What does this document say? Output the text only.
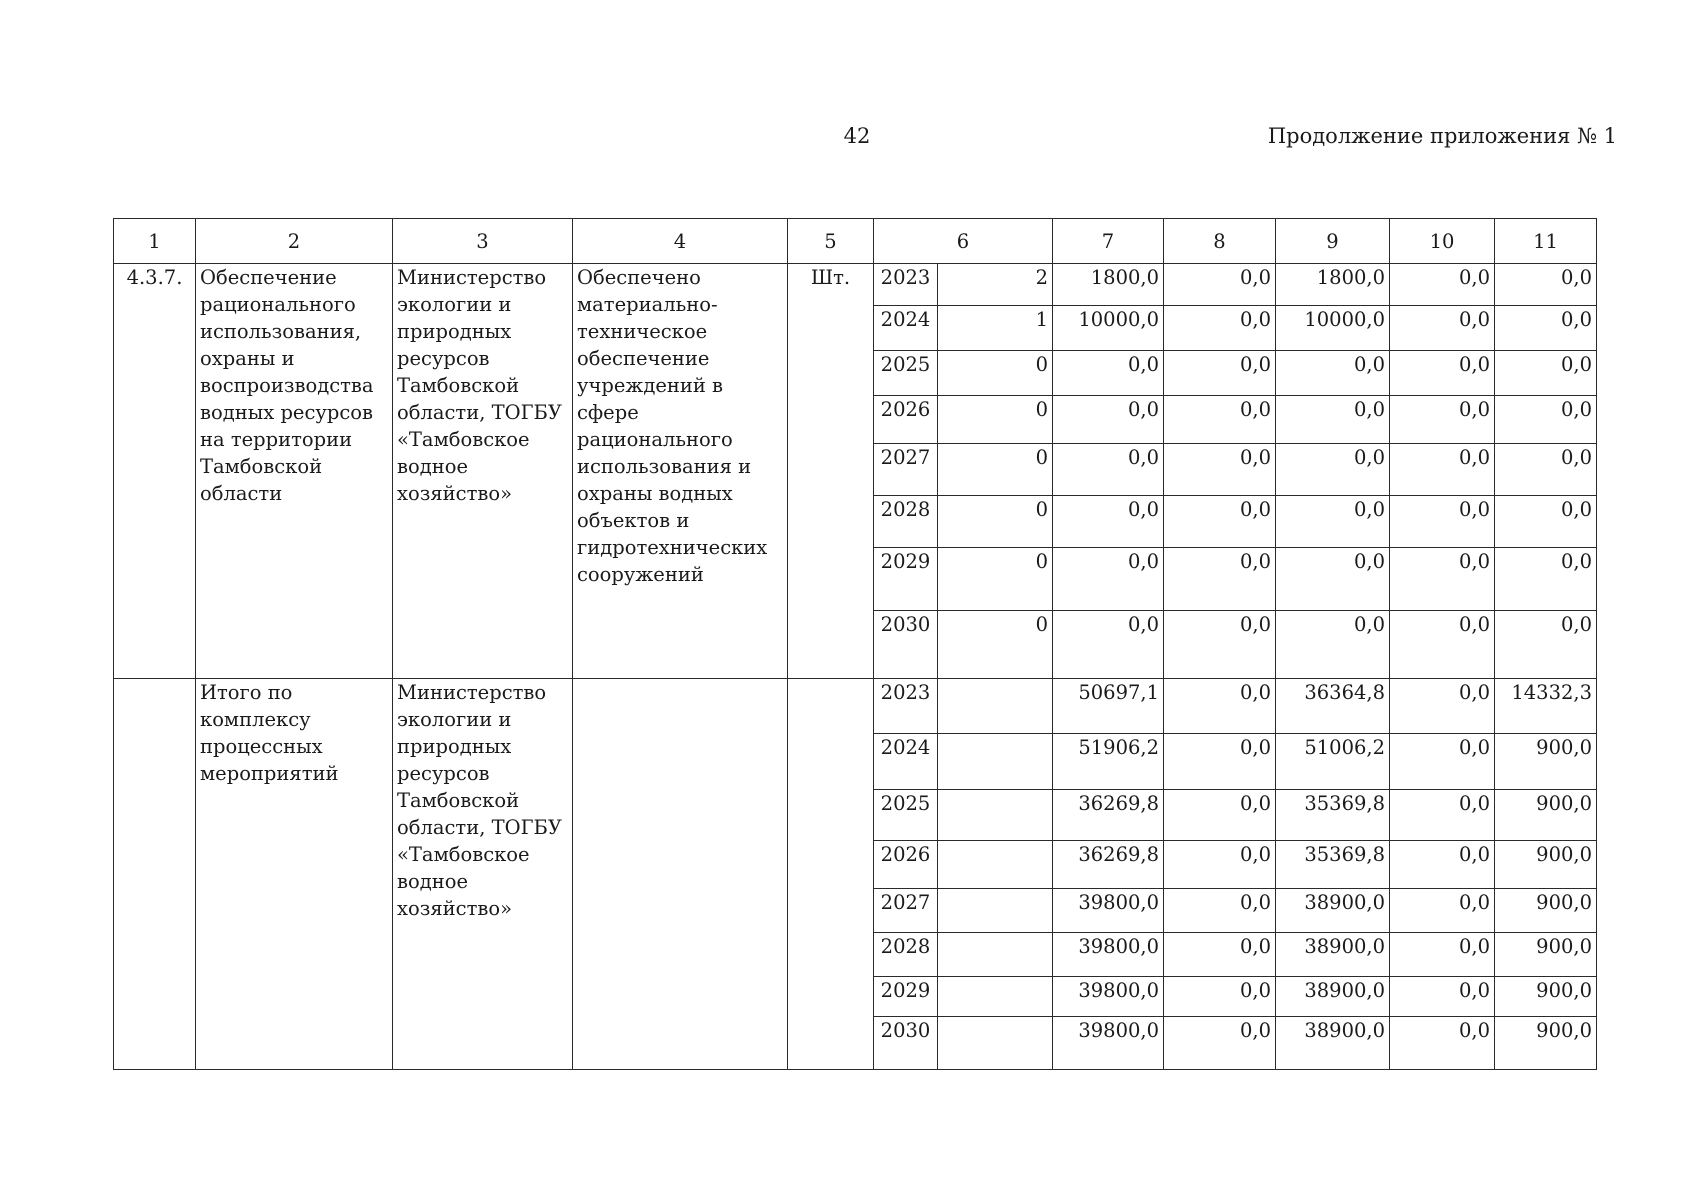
42	Продолжение приложения № 1
1	2	3	4	5	6		7	8	9	10	11
4.3.7.	Обеспечение рационального использования, охраны и воспроизводства водных ресурсов на территории Тамбовской области	Министерство экологии и природных ресурсов Тамбовской области, ТОГБУ «Тамбовское водное хозяйство»	Обеспечено материально-техническое обеспечение учреждений в сфере рационального использования и охраны водных объектов и гидротехнических сооружений	Шт.	2023	2	1800,0	0,0	1800,0	0,0	0,0
					2024	1	10000,0	0,0	10000,0	0,0	0,0
					2025	0	0,0	0,0	0,0	0,0	0,0
					2026	0	0,0	0,0	0,0	0,0	0,0
					2027	0	0,0	0,0	0,0	0,0	0,0
					2028	0	0,0	0,0	0,0	0,0	0,0
					2029	0	0,0	0,0	0,0	0,0	0,0
					2030	0	0,0	0,0	0,0	0,0	0,0
	Итого по комплексу процессных мероприятий	Министерство экологии и природных ресурсов Тамбовской области, ТОГБУ «Тамбовское водное хозяйство»			2023		50697,1	0,0	36364,8	0,0	14332,3
					2024		51906,2	0,0	51006,2	0,0	900,0
					2025		36269,8	0,0	35369,8	0,0	900,0
					2026		36269,8	0,0	35369,8	0,0	900,0
					2027		39800,0	0,0	38900,0	0,0	900,0
					2028		39800,0	0,0	38900,0	0,0	900,0
					2029		39800,0	0,0	38900,0	0,0	900,0
					2030		39800,0	0,0	38900,0	0,0	900,0
